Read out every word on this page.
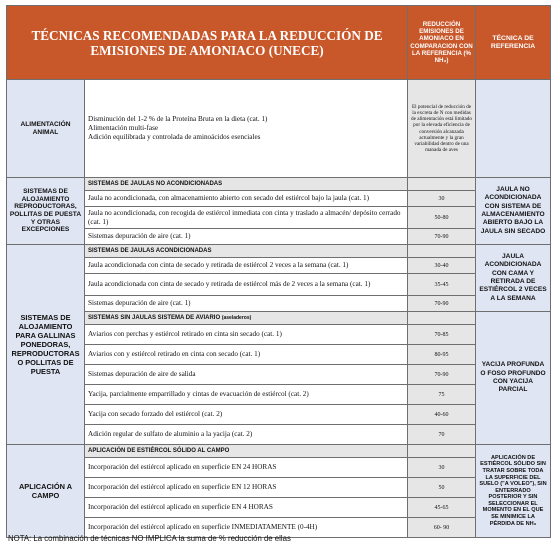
TÉCNICAS RECOMENDADAS PARA LA REDUCCIÓN DE EMISIONES DE AMONIACO (UNECE)		REDUCCIÓN EMISIONES DE AMONIACO EN COMPARACION CON LA REFERENCIA (% NH₃)	TÉCNICA DE REFERENCIA
ALIMENTACIÓN ANIMAL	Disminución del 1-2 % de la Proteína Bruta en la dieta (cat. 1)
Alimentación multi-fase
Adición equilibrada y controlada de aminoácidos esenciales	El potencial de reducción de la excreta de N con medidas de alimentación está limitado por la elevada eficiencia de conversión alcanzada actualmente y la gran variabilidad dentro de una manada de aves	
SISTEMAS DE ALOJAMIENTO REPRODUCTORAS, POLLITAS DE PUESTA Y OTRAS EXCEPCIONES	SISTEMAS DE JAULAS NO ACONDICIONADAS		JAULA NO ACONDICIONADA CON SISTEMA DE ALMACENAMIENTO ABIERTO BAJO LA JAULA SIN SECADO
	Jaula no acondicionada, con almacenamiento abierto con secado del estiércol bajo la jaula (cat. 1)	30	
	Jaula no acondicionada, con recogida de estiércol inmediata con cinta y traslado a almacén/ depósito cerrado (cat. 1)	50-80	
	Sistemas depuración de aire (cat. 1)	70-90	
SISTEMAS DE ALOJAMIENTO PARA GALLINAS PONEDORAS, REPRODUCTORAS O POLLITAS DE PUESTA	SISTEMAS DE JAULAS ACONDICIONADAS		JAULA ACONDICIONADA CON CAMA Y RETIRADA DE ESTIÉRCOL 2 VECES A LA SEMANA
	Jaula acondicionada con cinta de secado y retirada de estiércol 2 veces a la semana (cat. 1)	30-40	
	Jaula acondicionada con cinta de secado y retirada de estiércol más de 2 veces a la semana (cat. 1)	35-45	
	Sistemas depuración de aire (cat. 1)	70-90	
	SISTEMAS SIN JAULAS SISTEMA DE AVIARIO (aseladeros)		YACIJA PROFUNDA O FOSO PROFUNDO CON YACIJA PARCIAL
	Aviarios con perchas y estiércol retirado en cinta sin secado (cat. 1)	70-85	
	Aviarios con y estiércol retirado en cinta con secado (cat. 1)	80-95	
	Sistemas depuración de aire de salida	70-90	
	Yacija, parcialmente emparrillado y cintas de evacuación de estiércol (cat. 2)	75	
	Yacija con secado forzado del estiércol (cat. 2)	40-60	
	Adición regular de sulfato de aluminio a la yacija (cat. 2)	70	
APLICACIÓN A CAMPO	APLICACIÓN DE ESTIÉRCOL SÓLIDO AL CAMPO		APLICACIÓN DE ESTIÉRCOL SÓLIDO SIN TRATAR SOBRE TODA LA SUPERFICIE DEL SUELO ("A VOLEO"), SIN ENTERRADO POSTERIOR Y SIN SELECCIONAR EL MOMENTO EN EL QUE SE MINIMICE LA PÉRDIDA DE NH₃
	Incorporación del estiércol aplicado en superficie EN 24 HORAS	30	
	Incorporación del estiércol aplicado en superficie EN 12 HORAS	50	
	Incorporación del estiércol aplicado en superficie EN 4 HORAS	45-65	
	Incorporación del estiércol aplicado en superficie INMEDIATAMENTE (0-4H)	60- 90	
NOTA: La combinación de técnicas NO IMPLICA la suma de % reducción de ellas
